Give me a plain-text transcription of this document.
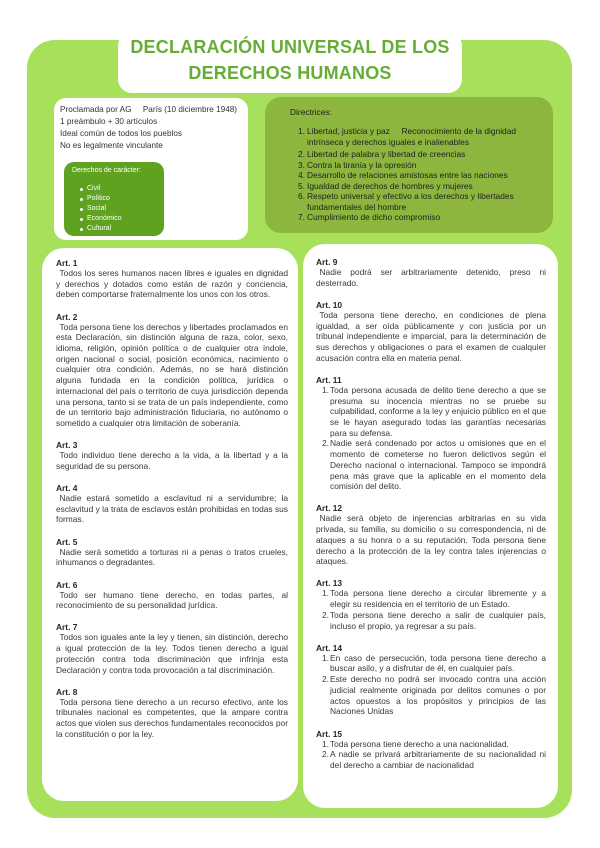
DECLARACIÓN UNIVERSAL DE LOS
DERECHOS HUMANOS
Proclamada por AG     París (10 diciembre 1948)
1 preámbulo + 30 artículos
Ideal común de todos los pueblos
No es legalmente vinculante
Derechos de carácter:
Civil
Político
Social
Económico
Cultural
Directrices:
1. Libertad, justicia y paz     Reconocimiento de la dignidad intrínseca y derechos iguales e inalienables
2. Libertad de palabra y libertad de creencias
3. Contra la tiranía y la opresión
4. Desarrollo de relaciones amistosas entre las naciones
5. Igualdad de derechos de hombres y mujeres
6. Respeto universal y efectivo a los derechos y libertades fundamentales del hombre
7. Cumplimiento de dicho compromiso
Art. 1

Todos los seres humanos nacen libres e iguales en dignidad y derechos y dotados como están de razón y conciencia, deben comportarse fraternalmente los unos con los otros.

Art. 2

Toda persona tiene los derechos y libertades proclamados en esta Declaración, sin distinción alguna de raza, color, sexo, idioma, religión, opinión política o de cualquier otra índole, origen nacional o social, posición económica, nacimiento o cualquier otra condición. Además, no se hará distinción alguna fundada en la condición política, jurídica o internacional del país o territorio de cuya jurisdicción dependa una persona, tanto si se trata de un país independiente, como de un territorio bajo administración fiduciaria, no autónomo o sometido a cualquier otra limitación de soberanía.

Art. 3

Todo individuo tiene derecho a la vida, a la libertad y a la seguridad de su persona.

Art. 4

Nadie estará sometido a esclavitud ni a servidumbre; la esclavitud y la trata de esclavos están prohibidas en todas sus formas.

Art. 5

Nadie será sometido a torturas ni a penas o tratos crueles, inhumanos o degradantes.

Art. 6

Todo ser humano tiene derecho, en todas partes, al reconocimiento de su personalidad jurídica.

Art. 7

Todos son iguales ante la ley y tienen, sin distinción, derecho a igual protección de la ley. Todos tienen derecho a igual protección contra toda discriminación que infrinja esta Declaración y contra toda provocación a tal discriminación.

Art. 8

Toda persona tiene derecho a un recurso efectivo, ante los tribunales nacional es competentes, que la ampare contra actos que violen sus derechos fundamentales reconocidos por la constitución o por la ley.

Art. 9

Nadie podrá ser arbitrariamente detenido, preso ni desterrado.

Art. 10

Toda persona tiene derecho, en condiciones de plena igualdad, a ser oída públicamente y con justicia por un tribunal independiente e imparcial, para la determinación de sus derechos y obligaciones o para el examen de cualquier acusación contra ella en materia penal.

Art. 11
1. Toda persona acusada de delito tiene derecho a que se presuma su inocencia mientras no se pruebe su culpabilidad, conforme a la ley y enjuicio público en el que se le hayan asegurado todas las garantías necesarias para su defensa.
2. Nadie será condenado por actos u omisiones que en el momento de cometerse no fueron delictivos según el Derecho nacional o internacional. Tampoco se impondrá pena más grave que la aplicable en el momento dela comisión del delito.
Art. 12

Nadie será objeto de injerencias arbitrarias en su vida privada, su familia, su domicilio o su correspondencia, ni de ataques a su honra o a su reputación. Toda persona tiene derecho a la protección de la ley contra tales injerencias o ataques.

Art. 13
1. Toda persona tiene derecho a circular libremente y a elegir su residencia en el territorio de un Estado.
2. Toda persona tiene derecho a salir de cualquier país, incluso el propio, ya regresar a su país.
Art. 14
1. En caso de persecución, toda persona tiene derecho a buscar asilo, y a disfrutar de él, en cualquier país.
2. Este derecho no podrá ser invocado contra una acción judicial realmente originada por delitos comunes o por actos opuestos a los propósitos y principios de las Naciones Unidas
Art. 15
1. Toda persona tiene derecho a una nacionalidad.
2. A nadie se privará arbitrariamente de su nacionalidad ni del derecho a cambiar de nacionalidad
